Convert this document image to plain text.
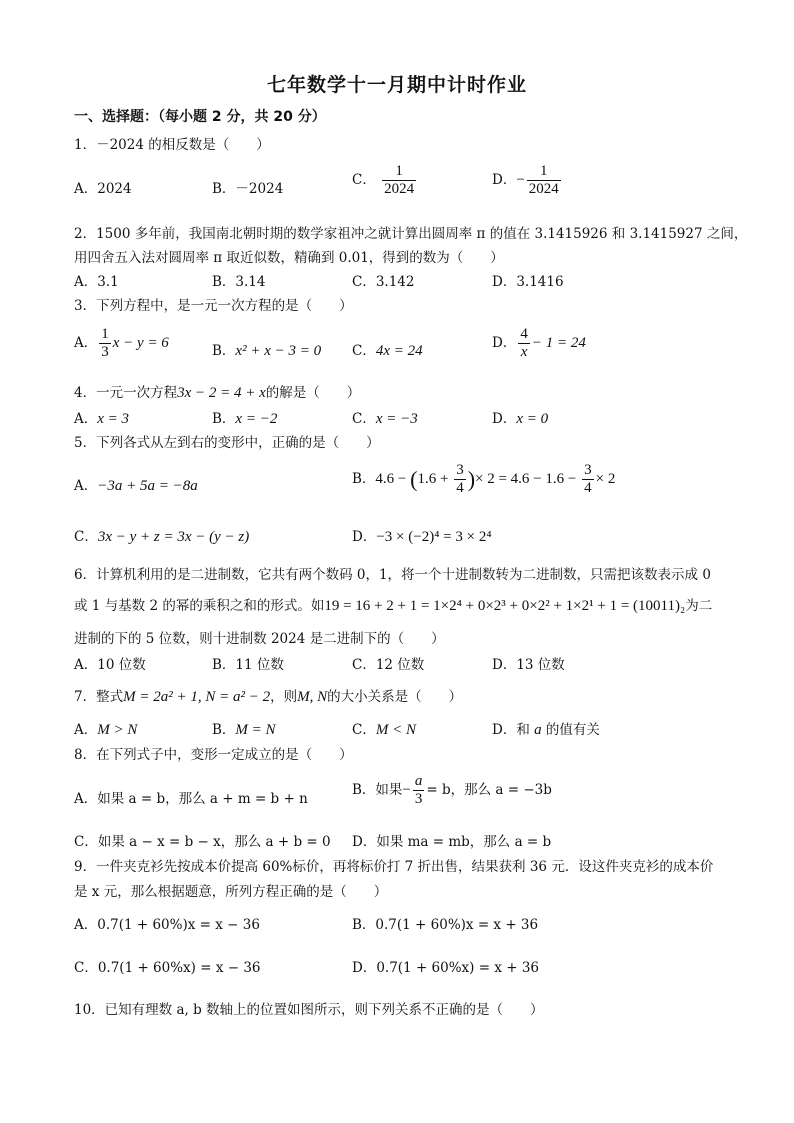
七年数学十一月期中计时作业
一、选择题：（每小题 2 分，共 20 分）
1．－2024 的相反数是（　　）
A．2024	B．－2024
C． $\frac{1}{2024}$	D．− $\frac{1}{2024}$
2．1500 多年前，我国南北朝时期的数学家祖冲之就计算出圆周率 π 的值在 3.1415926 和 3.1415927 之间，
用四舍五入法对圆周率 π 取近似数，精确到 0.01，得到的数为（　　）
A．3.1	B．3.14	C．3.142	D．3.1416
3．下列方程中，是一元一次方程的是（　　）
A． $\frac{1}{3}$ x − y = 6	B．x² + x − 3 = 0 C．4x = 24	D． $\frac{4}{x} - 1 = 24$
4．一元一次方程3x − 2 = 4 + x的解是（　　）
A．x = 3	B．x = −2	C．x = −3	D．x = 0
5．下列各式从左到右的变形中，正确的是（　　）
A．−3a + 5a = −8a	B．$4.6 - (1.6 + \frac{3}{4}$ )× $2 = 4.6 - 1.6 - \frac{3}{4} \times 2$
C．3x − y + z = 3x − (y − z)	D．−3 × (−2)⁴ = 3 × 2⁴
6．计算机利用的是二进制数，它共有两个数码 0，1，将一个十进制数转为二进制数，只需把该数表示成 0
或 1 与基数 2 的幂的乘积之和的形式。如19 = 16 + 2 + 1 = 1×2⁴ + 0×2³ + 0×2² + 1×2¹ + 1 = (10011)₂为二
进制的下的 5 位数，则十进制数 2024 是二进制下的（　　）
A．10 位数	B．11 位数	C．12 位数	D．13 位数
7．整式M = 2a² + 1, N = a² − 2，则M, N的大小关系是（　　）
A．M > N	B．M = N	C．M < N	D．和 a 的值有关
8．在下列式子中，变形一定成立的是（　　）
A．如果 a = b，那么 a + m = b + n
B．如果− $\frac{a}{3} = b$，那么 a = −3b
C．如果 a − x = b − x，那么 a + b = 0 D．如果 ma = mb，那么 a = b
9．一件夹克衫先按成本价提高 60%标价，再将标价打 7 折出售，结果获利 36 元．设这件夹克衫的成本价
是 x 元，那么根据题意，所列方程正确的是（　　）
A．0.7(1 + 60%)x = x − 36	B．0.7(1 + 60%)x = x + 36
C．0.7(1 + 60%x) = x − 36	D．0.7(1 + 60%x) = x + 36
10．已知有理数 a, b 数轴上的位置如图所示，则下列关系不正确的是（　　）
